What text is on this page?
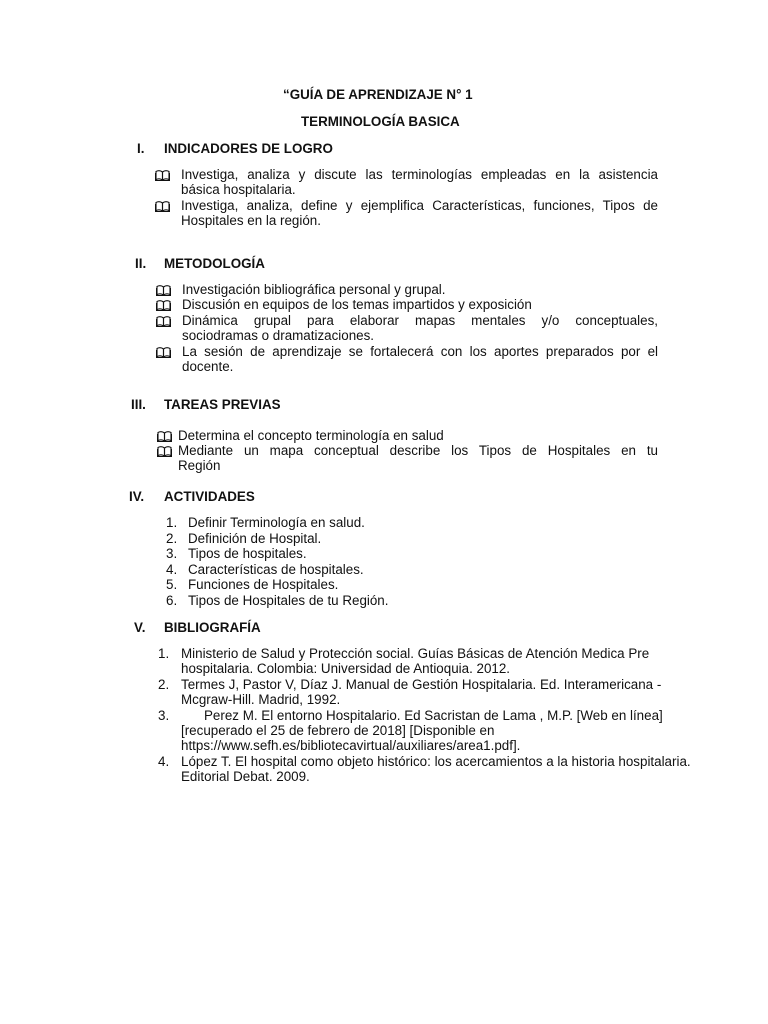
“GUÍA DE APRENDIZAJE N° 1
TERMINOLOGÍA BASICA
I. INDICADORES DE LOGRO
Investiga, analiza y discute las terminologías empleadas en la asistencia
básica hospitalaria.
Investiga, analiza, define y ejemplifica Características, funciones, Tipos de
Hospitales en la región.
II. METODOLOGÍA
Investigación bibliográfica personal y grupal.
Discusión en equipos de los temas impartidos y exposición
Dinámica grupal para elaborar mapas mentales y/o conceptuales,
sociodramas o dramatizaciones.
La sesión de aprendizaje se fortalecerá con los aportes preparados por el
docente.
III. TAREAS PREVIAS
Determina el concepto terminología en salud
Mediante un mapa conceptual describe los Tipos de Hospitales en tu
Región
IV. ACTIVIDADES
1. Definir Terminología en salud.
2. Definición de Hospital.
3. Tipos de hospitales.
4. Características de hospitales.
5. Funciones de Hospitales.
6. Tipos de Hospitales de tu Región.
V. BIBLIOGRAFÍA
1. Ministerio de Salud y Protección social. Guías Básicas de Atención Medica Pre
hospitalaria. Colombia: Universidad de Antioquia. 2012.
2. Termes J, Pastor V, Díaz J. Manual de Gestión Hospitalaria. Ed. Interamericana -
Mcgraw-Hill. Madrid, 1992.
3.	Perez M. El entorno Hospitalario. Ed Sacristan de Lama , M.P. [Web en línea]
[recuperado el 25 de febrero de 2018] [Disponible en
https://www.sefh.es/bibliotecavirtual/auxiliares/area1.pdf].
4. López T. El hospital como objeto histórico: los acercamientos a la historia hospitalaria.
Editorial Debat. 2009.
